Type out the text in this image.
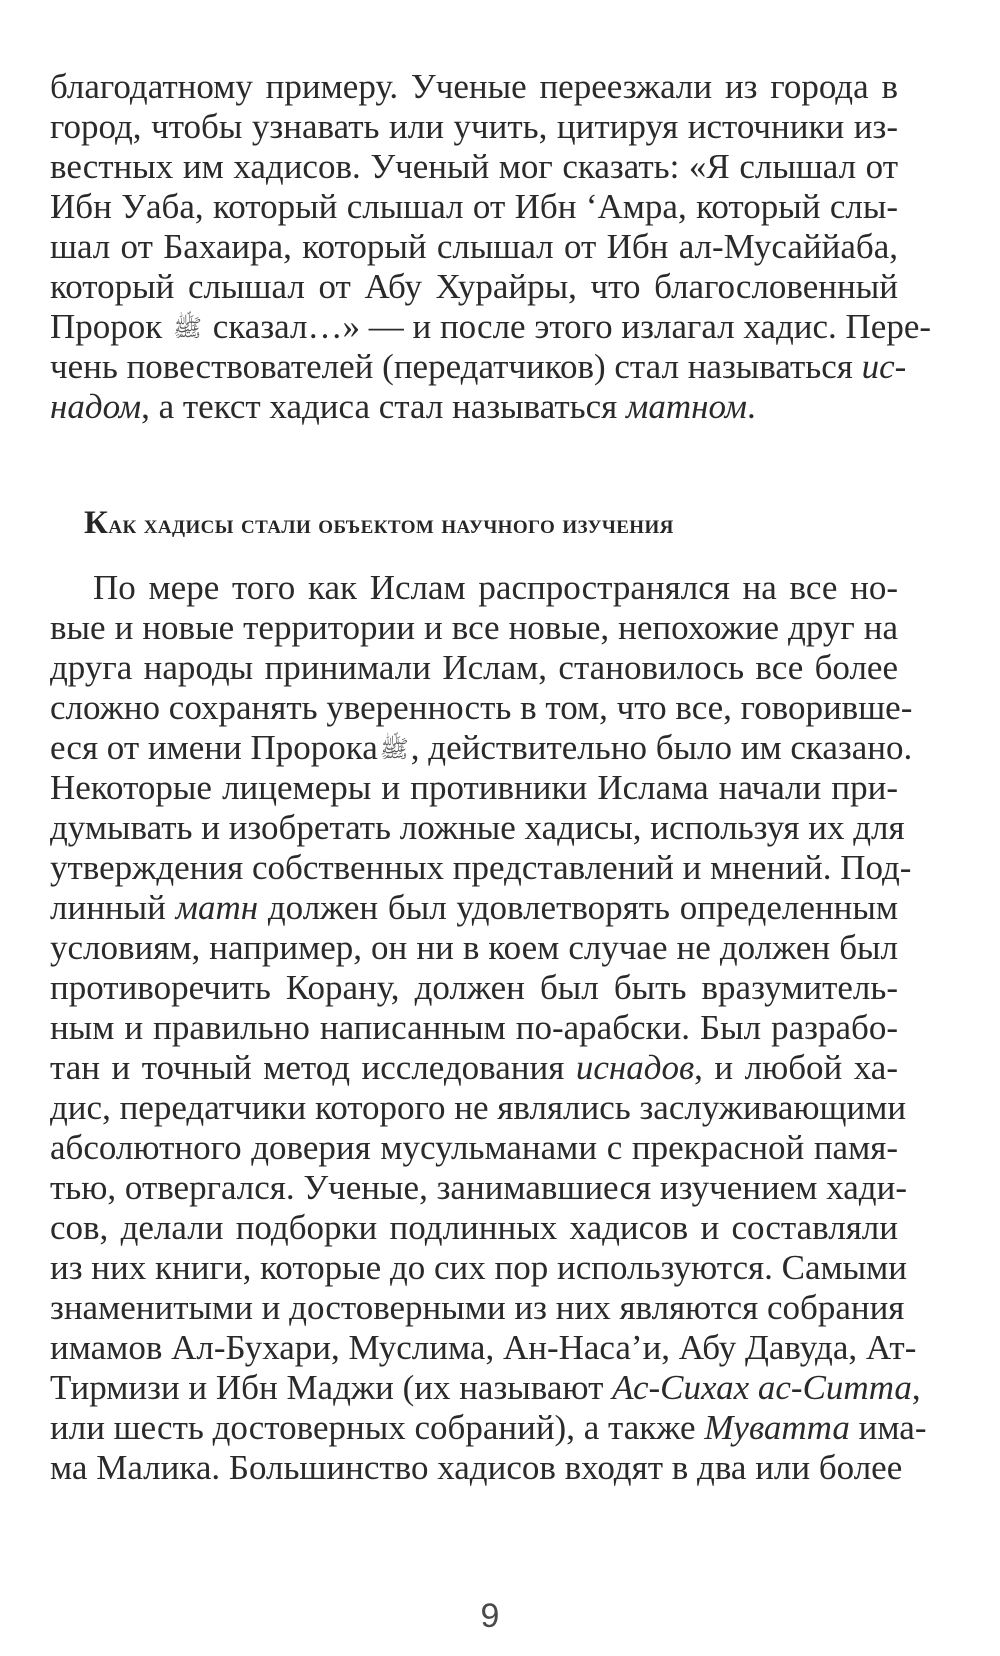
благодатному примеру. Ученые переезжали из города в
город, чтобы узнавать или учить, цитируя источники из-
вестных им хадисов. Ученый мог сказать: «Я слышал от
Ибн Уаба, который слышал от Ибн ‘Амра, который слы-
шал от Бахаира, который слышал от Ибн ал-Мусаййаба,
который слышал от Абу Хурайры, что благословенный
Пророк ﷺ сказал…» — и после этого излагал хадис. Пере-
чень повествователей (передатчиков) стал называться ис-
надом, а текст хадиса стал называться матном.
Как хадисы стали объектом научного изучения
По мере того как Ислам распространялся на все но-
вые и новые территории и все новые, непохожие друг на
друга народы принимали Ислам, становилось все более
сложно сохранять уверенность в том, что все, говорившe-
еся от имени Пророкаﷺ, действительно было им сказано.
Некоторые лицемеры и противники Ислама начали при-
думывать и изобретать ложные хадисы, используя их для
утверждения собственных представлений и мнений. Под-
линный матн должен был удовлетворять определенным
условиям, например, он ни в коем случае не должен был
противоречить Корану, должен был быть вразумитель-
ным и правильно написанным по-арабски. Был разрабо-
тан и точный метод исследования иснадов, и любой ха-
дис, передатчики которого не являлись заслуживающими
абсолютного доверия мусульманами с прекрасной памя-
тью, отвергался. Ученые, занимавшиеся изучением хади-
сов, делали подборки подлинных хадисов и составляли
из них книги, которые до сих пор используются. Самыми
знаменитыми и достоверными из них являются собрания
имамов Ал-Бухари, Муслима, Ан-Наса’и, Абу Давуда, Ат-
Тирмизи и Ибн Маджи (их называют Ас-Сихах ас-Ситта,
или шесть достоверных собраний), а также Муватта има-
ма Малика. Большинство хадисов входят в два или более
9
